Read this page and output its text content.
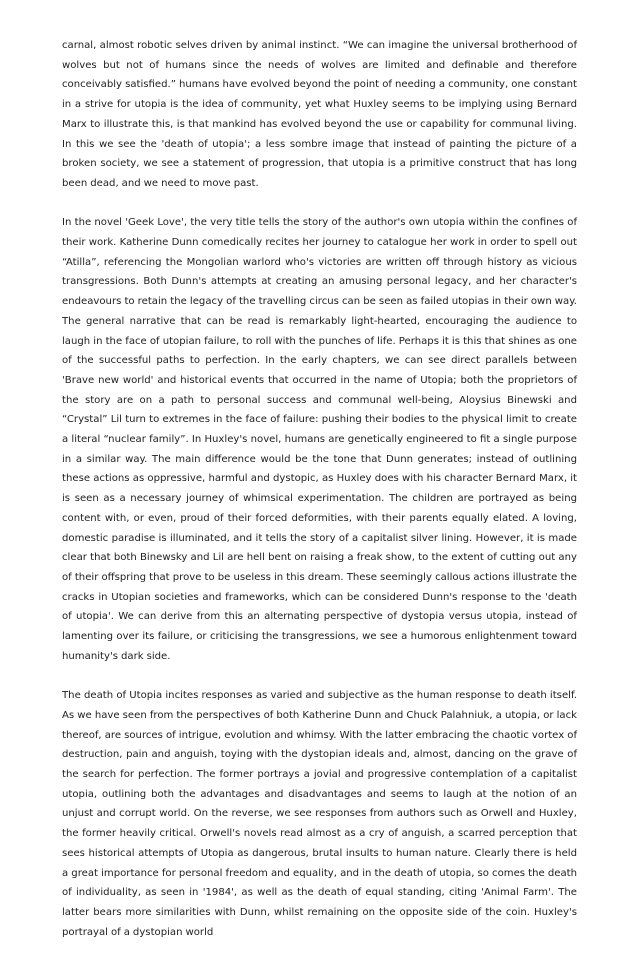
carnal, almost robotic selves driven by animal instinct. “We can imagine the universal brotherhood of wolves but not of humans since the needs of wolves are limited and definable and therefore conceivably satisfied.” humans have evolved beyond the point of needing a community, one constant in a strive for utopia is the idea of community, yet what Huxley seems to be implying using Bernard Marx to illustrate this, is that mankind has evolved beyond the use or capability for communal living. In this we see the 'death of utopia'; a less sombre image that instead of painting the picture of a broken society, we see a statement of progression, that utopia is a primitive construct that has long been dead, and we need to move past.

In the novel 'Geek Love', the very title tells the story of the author's own utopia within the confines of their work. Katherine Dunn comedically recites her journey to catalogue her work in order to spell out “Atilla”, referencing the Mongolian warlord who's victories are written off through history as vicious transgressions. Both Dunn's attempts at creating an amusing personal legacy, and her character's endeavours to retain the legacy of the travelling circus can be seen as failed utopias in their own way. The general narrative that can be read is remarkably light-hearted, encouraging the audience to laugh in the face of utopian failure, to roll with the punches of life. Perhaps it is this that shines as one of the successful paths to perfection. In the early chapters, we can see direct parallels between 'Brave new world' and historical events that occurred in the name of Utopia; both the proprietors of the story are on a path to personal success and communal well-being, Aloysius Binewski and “Crystal” Lil turn to extremes in the face of failure: pushing their bodies to the physical limit to create a literal “nuclear family”. In Huxley's novel, humans are genetically engineered to fit a single purpose in a similar way. The main difference would be the tone that Dunn generates; instead of outlining these actions as oppressive, harmful and dystopic, as Huxley does with his character Bernard Marx, it is seen as a necessary journey of whimsical experimentation. The children are portrayed as being content with, or even, proud of their forced deformities, with their parents equally elated. A loving, domestic paradise is illuminated, and it tells the story of a capitalist silver lining. However, it is made clear that both Binewsky and Lil are hell bent on raising a freak show, to the extent of cutting out any of their offspring that prove to be useless in this dream. These seemingly callous actions illustrate the cracks in Utopian societies and frameworks, which can be considered Dunn's response to the 'death of utopia'. We can derive from this an alternating perspective of dystopia versus utopia, instead of lamenting over its failure, or criticising the transgressions, we see a humorous enlightenment toward humanity's dark side.

The death of Utopia incites responses as varied and subjective as the human response to death itself. As we have seen from the perspectives of both Katherine Dunn and Chuck Palahniuk, a utopia, or lack thereof, are sources of intrigue, evolution and whimsy. With the latter embracing the chaotic vortex of destruction, pain and anguish, toying with the dystopian ideals and, almost, dancing on the grave of the search for perfection. The former portrays a jovial and progressive contemplation of a capitalist utopia, outlining both the advantages and disadvantages and seems to laugh at the notion of an unjust and corrupt world. On the reverse, we see responses from authors such as Orwell and Huxley, the former heavily critical. Orwell's novels read almost as a cry of anguish, a scarred perception that sees historical attempts of Utopia as dangerous, brutal insults to human nature. Clearly there is held a great importance for personal freedom and equality, and in the death of utopia, so comes the death of individuality, as seen in '1984', as well as the death of equal standing, citing 'Animal Farm'. The latter bears more similarities with Dunn, whilst remaining on the opposite side of the coin. Huxley's portrayal of a dystopian world
